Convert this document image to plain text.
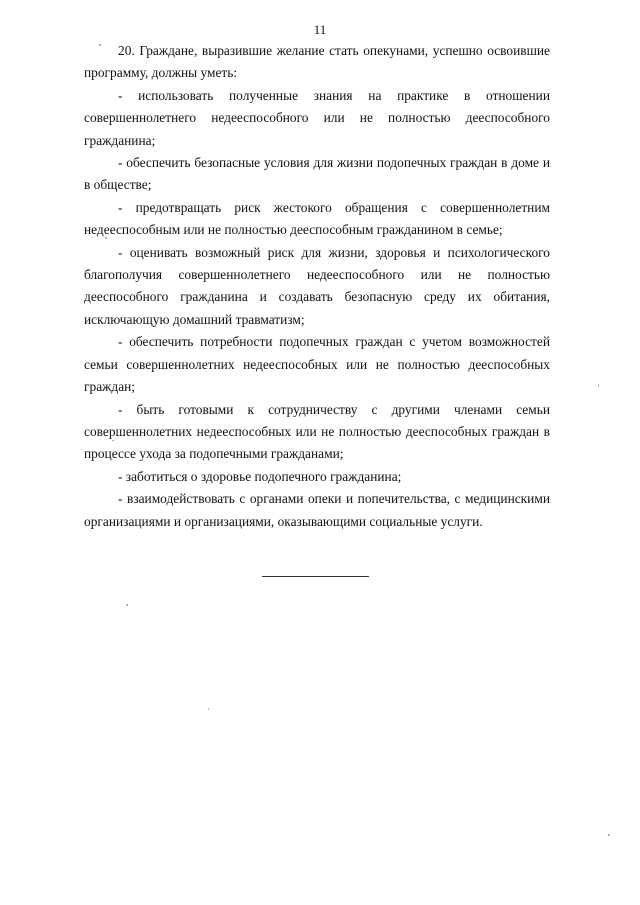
11

20. Граждане, выразившие желание стать опекунами, успешно освоившие программу, должны уметь:

- использовать полученные знания на практике в отношении совершеннолетнего недееспособного или не полностью дееспособного гражданина;

- обеспечить безопасные условия для жизни подопечных граждан в доме и в обществе;

- предотвращать риск жестокого обращения с совершеннолетним недееспособным или не полностью дееспособным гражданином в семье;

- оценивать возможный риск для жизни, здоровья и психологического благополучия совершеннолетнего недееспособного или не полностью дееспособного гражданина и создавать безопасную среду их обитания, исключающую домашний травматизм;

- обеспечить потребности подопечных граждан с учетом возможностей семьи совершеннолетних недееспособных или не полностью дееспособных граждан;

- быть готовыми к сотрудничеству с другими членами семьи совершеннолетних недееспособных или не полностью дееспособных граждан в процессе ухода за подопечными гражданами;

- заботиться о здоровье подопечного гражданина;

- взаимодействовать с органами опеки и попечительства, с медицинскими организациями и организациями, оказывающими социальные услуги.
